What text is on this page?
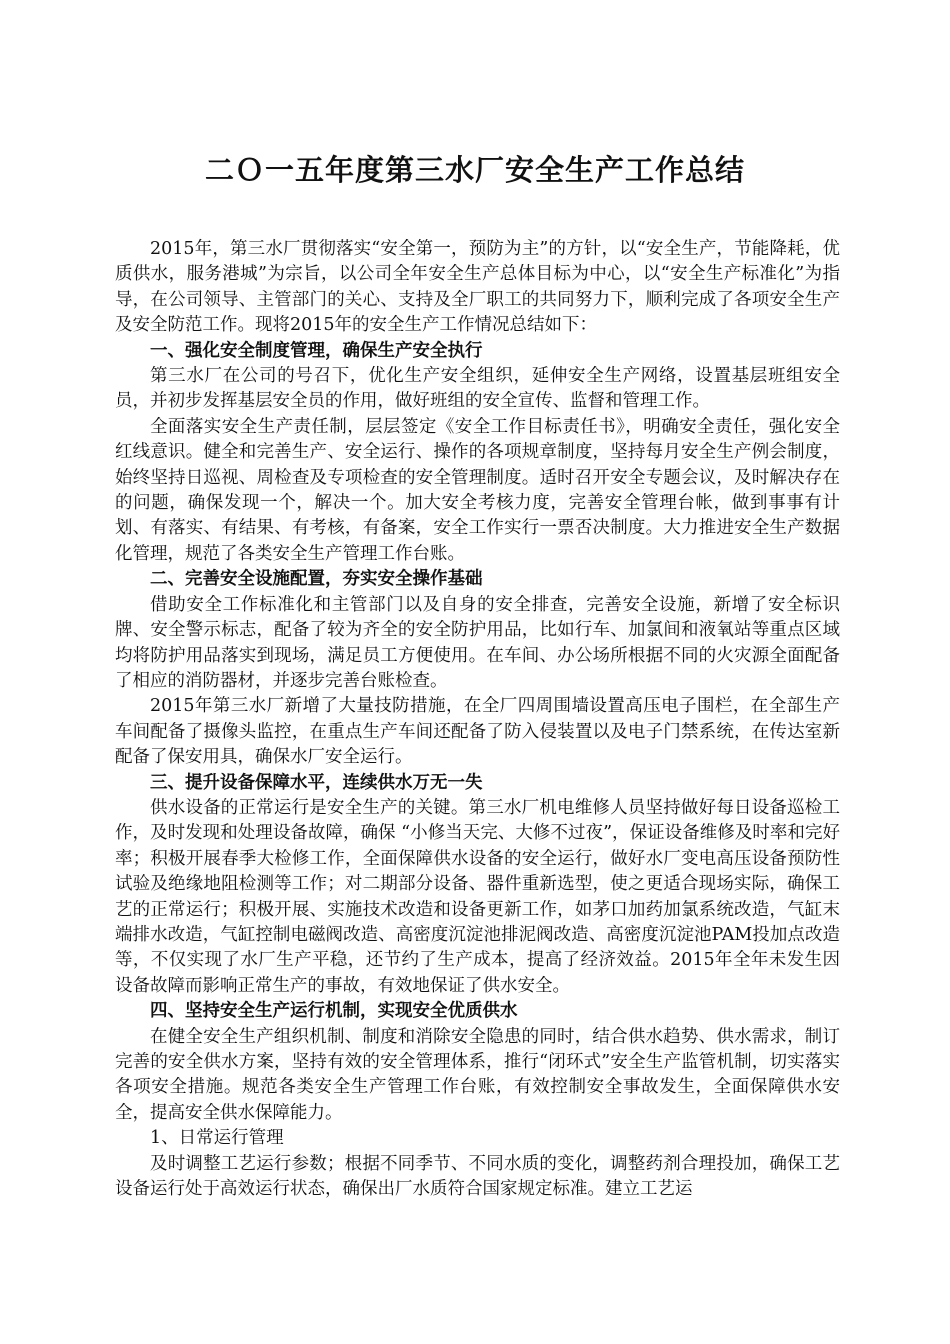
二Ｏ一五年度第三水厂安全生产工作总结

2015年，第三水厂贯彻落实“安全第一，预防为主”的方针，以“安全生产，节能降耗，优质供水，服务港城”为宗旨，以公司全年安全生产总体目标为中心，以“安全生产标准化”为指导，在公司领导、主管部门的关心、支持及全厂职工的共同努力下，顺利完成了各项安全生产及安全防范工作。现将2015年的安全生产工作情况总结如下：

一、强化安全制度管理，确保生产安全执行

第三水厂在公司的号召下，优化生产安全组织，延伸安全生产网络，设置基层班组安全员，并初步发挥基层安全员的作用，做好班组的安全宣传、监督和管理工作。

全面落实安全生产责任制，层层签定《安全工作目标责任书》，明确安全责任，强化安全红线意识。健全和完善生产、安全运行、操作的各项规章制度，坚持每月安全生产例会制度，始终坚持日巡视、周检查及专项检查的安全管理制度。适时召开安全专题会议，及时解决存在的问题，确保发现一个，解决一个。加大安全考核力度，完善安全管理台帐，做到事事有计划、有落实、有结果、有考核，有备案，安全工作实行一票否决制度。大力推进安全生产数据化管理，规范了各类安全生产管理工作台账。

二、完善安全设施配置，夯实安全操作基础

借助安全工作标准化和主管部门以及自身的安全排查，完善安全设施，新增了安全标识牌、安全警示标志，配备了较为齐全的安全防护用品，比如行车、加氯间和液氧站等重点区域均将防护用品落实到现场，满足员工方便使用。在车间、办公场所根据不同的火灾源全面配备了相应的消防器材，并逐步完善台账检查。

2015年第三水厂新增了大量技防措施，在全厂四周围墙设置高压电子围栏，在全部生产车间配备了摄像头监控，在重点生产车间还配备了防入侵装置以及电子门禁系统，在传达室新配备了保安用具，确保水厂安全运行。

三、提升设备保障水平，连续供水万无一失

供水设备的正常运行是安全生产的关键。第三水厂机电维修人员坚持做好每日设备巡检工作，及时发现和处理设备故障，确保 “小修当天完、大修不过夜”，保证设备维修及时率和完好率；积极开展春季大检修工作，全面保障供水设备的安全运行，做好水厂变电高压设备预防性试验及绝缘地阻检测等工作；对二期部分设备、器件重新选型，使之更适合现场实际，确保工艺的正常运行；积极开展、实施技术改造和设备更新工作，如茅口加药加氯系统改造，气缸末端排水改造，气缸控制电磁阀改造、高密度沉淀池排泥阀改造、高密度沉淀池PAM投加点改造等，不仅实现了水厂生产平稳，还节约了生产成本，提高了经济效益。2015年全年未发生因设备故障而影响正常生产的事故，有效地保证了供水安全。

四、坚持安全生产运行机制，实现安全优质供水

在健全安全生产组织机制、制度和消除安全隐患的同时，结合供水趋势、供水需求，制订完善的安全供水方案，坚持有效的安全管理体系，推行“闭环式”安全生产监管机制，切实落实各项安全措施。规范各类安全生产管理工作台账，有效控制安全事故发生，全面保障供水安全，提高安全供水保障能力。

1、日常运行管理

及时调整工艺运行参数；根据不同季节、不同水质的变化，调整药剂合理投加，确保工艺设备运行处于高效运行状态，确保出厂水质符合国家规定标准。建立工艺运
